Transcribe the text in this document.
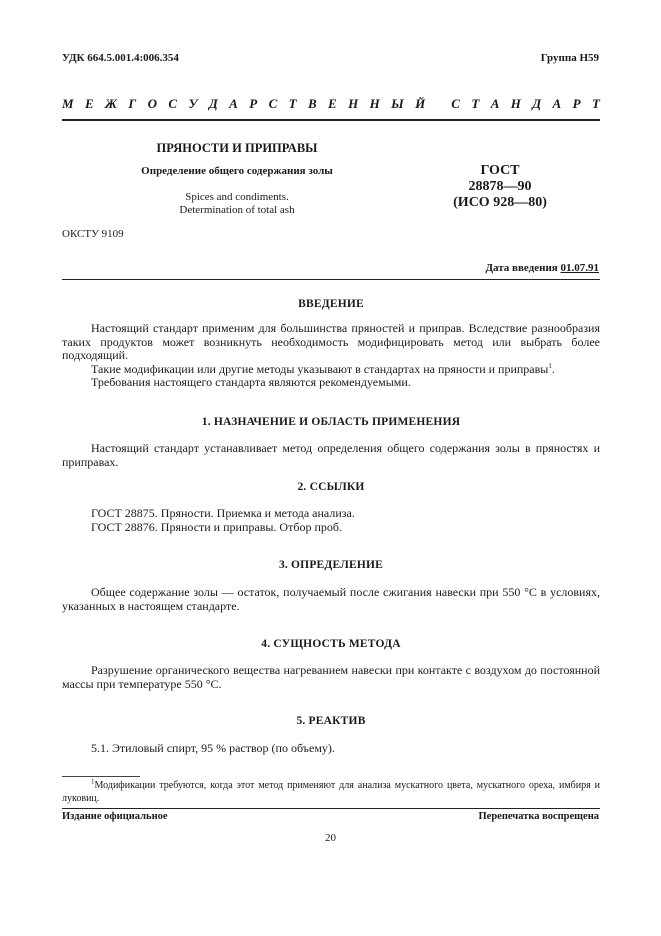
УДК 664.5.001.4:006.354	Группа Н59
М Е Ж Г О С У Д А Р С Т В Е Н Н Ы Й
С Т А Н Д А Р Т
ПРЯНОСТИ И ПРИПРАВЫ
Определение общего содержания золы
Spices and condiments.
Determination of total ash
ГОСТ
28878—90
(ИСО 928—80)
ОКСТУ 9109
Дата введения 01.07.91
ВВЕДЕНИЕ

Настоящий стандарт применим для большинства пряностей и приправ. Вследствие разнообразия таких продуктов может возникнуть необходимость модифицировать метод или выбрать более подходящий.

Такие модификации или другие методы указывают в стандартах на пряности и приправы$^1$.

Требования настоящего стандарта являются рекомендуемыми.

1. НАЗНАЧЕНИЕ И ОБЛАСТЬ ПРИМЕНЕНИЯ

Настоящий стандарт устанавливает метод определения общего содержания золы в пряностях и приправах.

2. ССЫЛКИ

ГОСТ 28875. Пряности. Приемка и метода анализа.

ГОСТ 28876. Пряности и приправы. Отбор проб.

3. ОПРЕДЕЛЕНИЕ

Общее содержание золы — остаток, получаемый после сжигания навески при 550 °С в условиях, указанных в настоящем стандарте.

4. СУЩНОСТЬ МЕТОДА

Разрушение органического вещества нагреванием навески при контакте с воздухом до постоянной массы при температуре 550 °С.

5. РЕАКТИВ

5.1. Этиловый спирт, 95 % раствор (по объему).

$^1$Модификации требуются, когда этот метод применяют для анализа мускатного цвета, мускатного ореха, имбиря и луковиц.

Издание официальное	Перепечатка воспрещена
20
